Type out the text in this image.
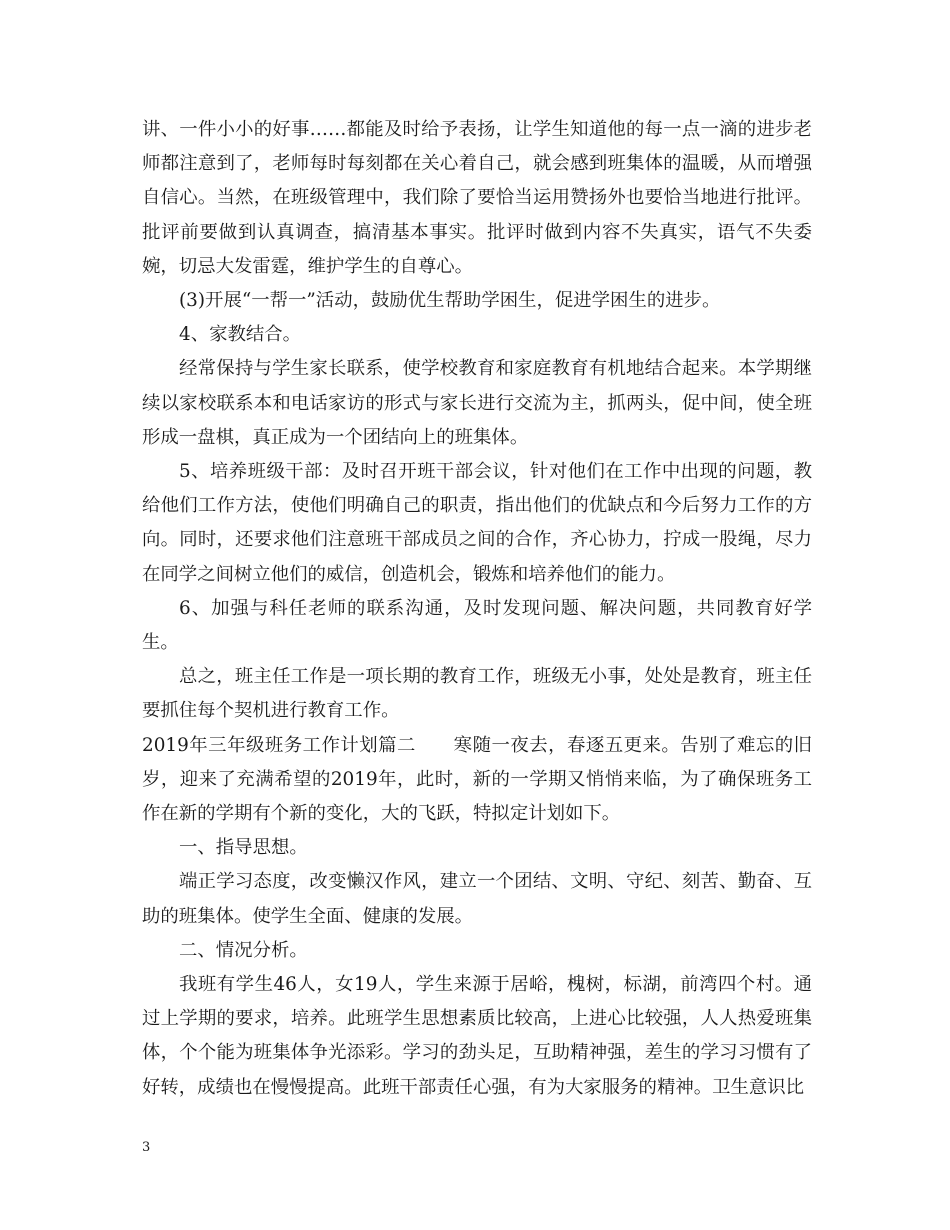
讲、一件小小的好事……都能及时给予表扬，让学生知道他的每一点一滴的进步老师都注意到了，老师每时每刻都在关心着自己，就会感到班集体的温暖，从而增强自信心。当然，在班级管理中，我们除了要恰当运用赞扬外也要恰当地进行批评。批评前要做到认真调查，搞清基本事实。批评时做到内容不失真实，语气不失委婉，切忌大发雷霆，维护学生的自尊心。

(3)开展“一帮一”活动，鼓励优生帮助学困生，促进学困生的进步。

4、家教结合。

经常保持与学生家长联系，使学校教育和家庭教育有机地结合起来。本学期继续以家校联系本和电话家访的形式与家长进行交流为主，抓两头，促中间，使全班形成一盘棋，真正成为一个团结向上的班集体。

5、培养班级干部：及时召开班干部会议，针对他们在工作中出现的问题，教给他们工作方法，使他们明确自己的职责，指出他们的优缺点和今后努力工作的方向。同时，还要求他们注意班干部成员之间的合作，齐心协力，拧成一股绳，尽力在同学之间树立他们的威信，创造机会，锻炼和培养他们的能力。

6、加强与科任老师的联系沟通，及时发现问题、解决问题，共同教育好学生。

总之，班主任工作是一项长期的教育工作，班级无小事，处处是教育，班主任要抓住每个契机进行教育工作。

2019年三年级班务工作计划篇二　　寒随一夜去，春逐五更来。告别了难忘的旧岁，迎来了充满希望的2019年，此时，新的一学期又悄悄来临，为了确保班务工作在新的学期有个新的变化，大的飞跃，特拟定计划如下。

一、指导思想。

端正学习态度，改变懒汉作风，建立一个团结、文明、守纪、刻苦、勤奋、互助的班集体。使学生全面、健康的发展。

二、情况分析。

我班有学生46人，女19人，学生来源于居峪，槐树，标湖，前湾四个村。通过上学期的要求，培养。此班学生思想素质比较高，上进心比较强，人人热爱班集体，个个能为班集体争光添彩。学习的劲头足，互助精神强，差生的学习习惯有了好转，成绩也在慢慢提高。此班干部责任心强，有为大家服务的精神。卫生意识比

3
